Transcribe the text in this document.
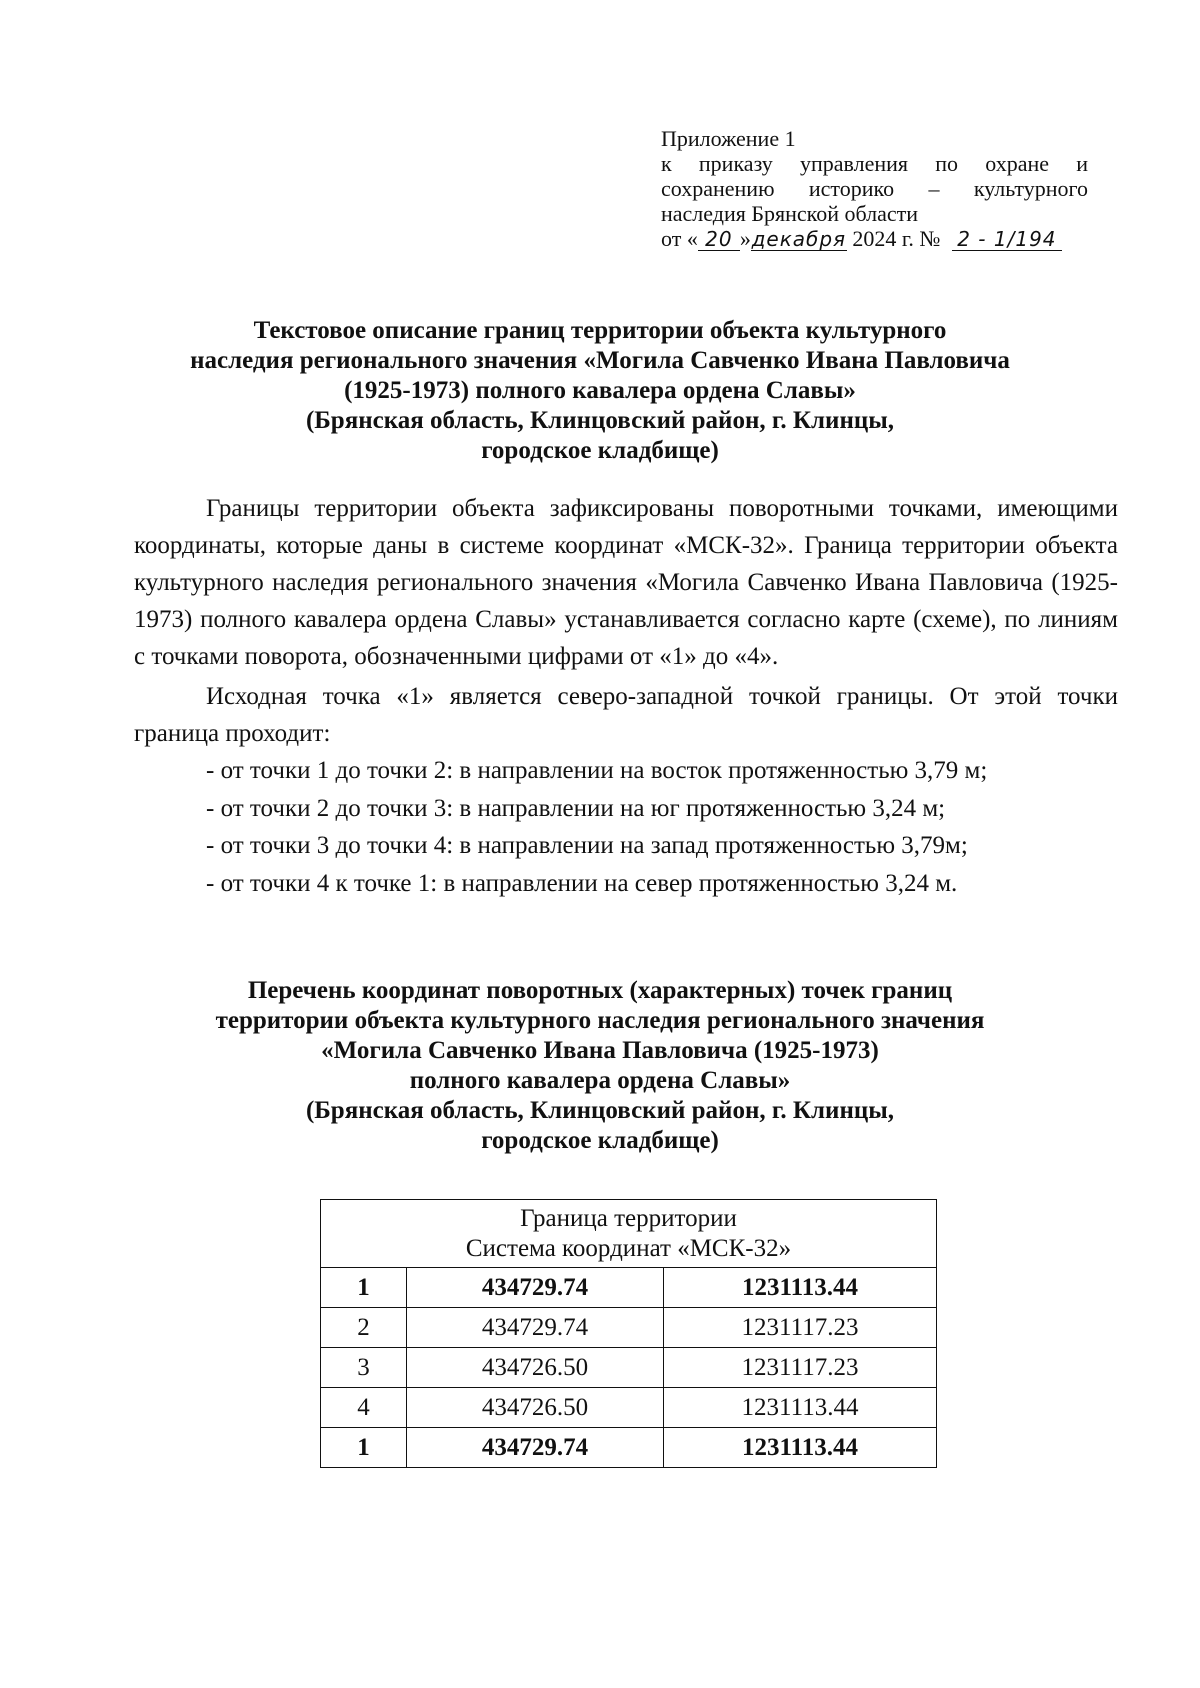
Приложение 1
к приказу управления по охране и
сохранению историко – культурного
наследия Брянской области
от « 20 » декабря 2024 г. № 2 - 1/194
Текстовое описание границ территории объекта культурного
наследия регионального значения «Могила Савченко Ивана Павловича
(1925-1973) полного кавалера ордена Славы»
(Брянская область, Клинцовский район, г. Клинцы,
городское кладбище)

Границы территории объекта зафиксированы поворотными точками, имеющими координаты, которые даны в системе координат «МСК-32». Граница территории объекта культурного наследия регионального значения «Могила Савченко Ивана Павловича (1925-1973) полного кавалера ордена Славы» устанавливается согласно карте (схеме), по линиям с точками поворота, обозначенными цифрами от «1» до «4».

Исходная точка «1» является северо-западной точкой границы. От этой точки граница проходит:

- от точки 1 до точки 2: в направлении на восток протяженностью 3,79 м;
- от точки 2 до точки 3: в направлении на юг протяженностью 3,24 м;
- от точки 3 до точки 4: в направлении на запад протяженностью 3,79м;
- от точки 4 к точке 1: в направлении на север протяженностью 3,24 м.
Перечень координат поворотных (характерных) точек границ
территории объекта культурного наследия регионального значения
«Могила Савченко Ивана Павловича (1925-1973)
полного кавалера ордена Славы»
(Брянская область, Клинцовский район, г. Клинцы,
городское кладбище)
Граница территории
Система координат «МСК-32»		

1	434729.74	1231113.44
2	434729.74	1231117.23
3	434726.50	1231117.23
4	434726.50	1231113.44
1	434729.74	1231113.44
